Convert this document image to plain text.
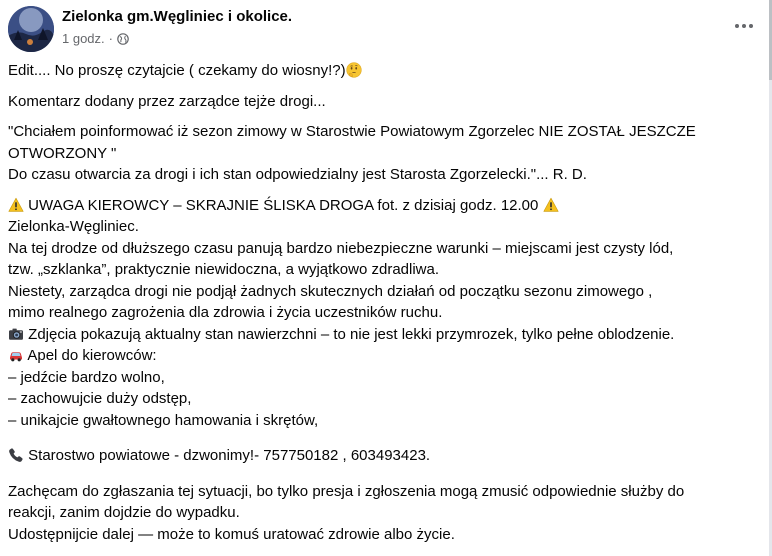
Zielonka gm.Węgliniec i okolice.
1 godz. ·

Edit.... No proszę czytajcie ( czekamy do wiosny!?)

Komentarz dodany przez zarządce tejże drogi...

"Chciałem poinformować iż sezon zimowy w Starostwie Powiatowym Zgorzelec NIE ZOSTAŁ JESZCZE
OTWORZONY "
Do czasu otwarcia za drogi i ich stan odpowiedzialny jest Starosta Zgorzelecki."... R. D.

UWAGA KIEROWCY – SKRAJNIE ŚLISKA DROGA fot. z dzisiaj godz. 12.00
Zielonka-Węgliniec.
Na tej drodze od dłuższego czasu panują bardzo niebezpieczne warunki – miejscami jest czysty lód,
tzw. „szklanka”, praktycznie niewidoczna, a wyjątkowo zdradliwa.
Niestety, zarządca drogi nie podjął żadnych skutecznych działań od początku sezonu zimowego ,
mimo realnego zagrożenia dla zdrowia i życia uczestników ruchu.
Zdjęcia pokazują aktualny stan nawierzchni – to nie jest lekki przymrozek, tylko pełne oblodzenie.
Apel do kierowców:
– jedźcie bardzo wolno,
– zachowujcie duży odstęp,
– unikajcie gwałtownego hamowania i skrętów,

Starostwo powiatowe - dzwonimy!- 757750182 , 603493423.

Zachęcam do zgłaszania tej sytuacji, bo tylko presja i zgłoszenia mogą zmusić odpowiednie służby do
reakcji, zanim dojdzie do wypadku.
Udostępnijcie dalej — może to komuś uratować zdrowie albo życie.
